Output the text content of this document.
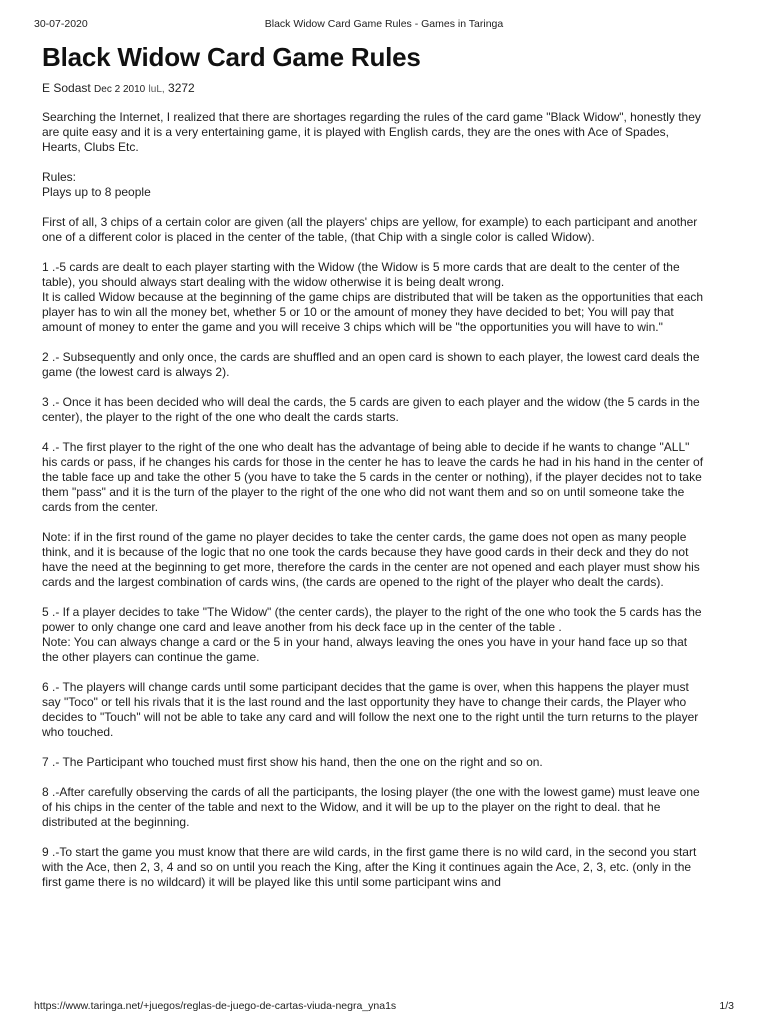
30-07-2020	Black Widow Card Game Rules - Games in Taringa
Black Widow Card Game Rules
E Sodast Dec 2 2010 luL, 3272

Searching the Internet, I realized that there are shortages regarding the rules of the card game "Black Widow", honestly they are quite easy and it is a very entertaining game, it is played with English cards, they are the ones with Ace of Spades, Hearts, Clubs Etc.

Rules:
Plays up to 8 people

First of all, 3 chips of a certain color are given (all the players' chips are yellow, for example) to each participant and another one of a different color is placed in the center of the table, (that Chip with a single color is called Widow).

1 .-5 cards are dealt to each player starting with the Widow (the Widow is 5 more cards that are dealt to the center of the table), you should always start dealing with the widow otherwise it is being dealt wrong.
It is called Widow because at the beginning of the game chips are distributed that will be taken as the opportunities that each player has to win all the money bet, whether 5 or 10 or the amount of money they have decided to bet; You will pay that amount of money to enter the game and you will receive 3 chips which will be "the opportunities you will have to win."

2 .- Subsequently and only once, the cards are shuffled and an open card is shown to each player, the lowest card deals the game (the lowest card is always 2).

3 .- Once it has been decided who will deal the cards, the 5 cards are given to each player and the widow (the 5 cards in the center), the player to the right of the one who dealt the cards starts.

4 .- The first player to the right of the one who dealt has the advantage of being able to decide if he wants to change "ALL" his cards or pass, if he changes his cards for those in the center he has to leave the cards he had in his hand in the center of the table face up and take the other 5 (you have to take the 5 cards in the center or nothing), if the player decides not to take them "pass" and it is the turn of the player to the right of the one who did not want them and so on until someone take the cards from the center.

Note: if in the first round of the game no player decides to take the center cards, the game does not open as many people think, and it is because of the logic that no one took the cards because they have good cards in their deck and they do not have the need at the beginning to get more, therefore the cards in the center are not opened and each player must show his cards and the largest combination of cards wins, (the cards are opened to the right of the player who dealt the cards).

5 .- If a player decides to take "The Widow" (the center cards), the player to the right of the one who took the 5 cards has the power to only change one card and leave another from his deck face up in the center of the table .
Note: You can always change a card or the 5 in your hand, always leaving the ones you have in your hand face up so that the other players can continue the game.

6 .- The players will change cards until some participant decides that the game is over, when this happens the player must say "Toco" or tell his rivals that it is the last round and the last opportunity they have to change their cards, the Player who decides to "Touch" will not be able to take any card and will follow the next one to the right until the turn returns to the player who touched.

7 .- The Participant who touched must first show his hand, then the one on the right and so on.

8 .-After carefully observing the cards of all the participants, the losing player (the one with the lowest game) must leave one of his chips in the center of the table and next to the Widow, and it will be up to the player on the right to deal. that he distributed at the beginning.

9 .-To start the game you must know that there are wild cards, in the first game there is no wild card, in the second you start with the Ace, then 2, 3, 4 and so on until you reach the King, after the King it continues again the Ace, 2, 3, etc. (only in the first game there is no wildcard) it will be played like this until some participant wins and

https://www.taringa.net/+juegos/reglas-de-juego-de-cartas-viuda-negra_yna1s	1/3
